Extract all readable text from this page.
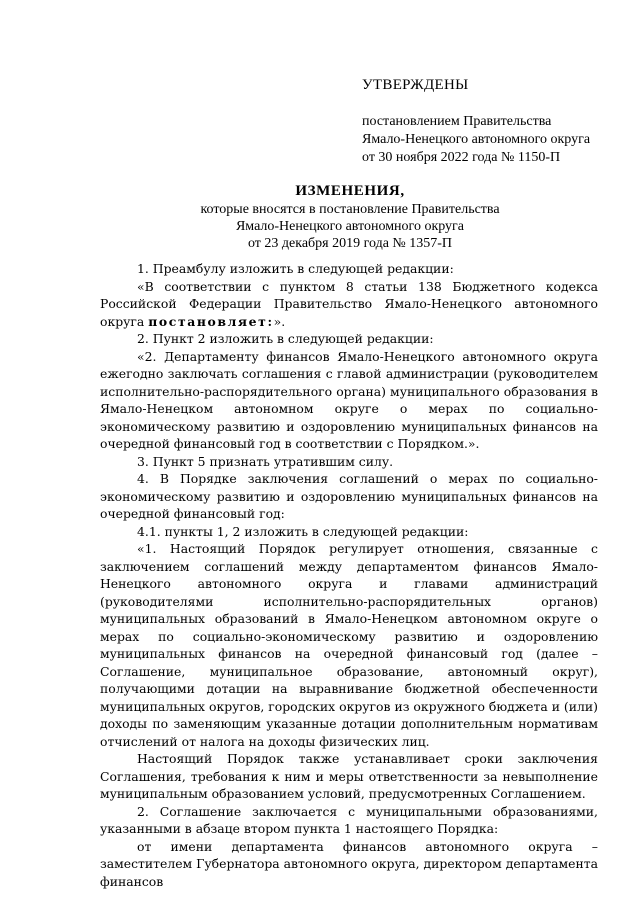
УТВЕРЖДЕНЫ
постановлением Правительства
Ямало-Ненецкого автономного округа
от 30 ноября 2022 года № 1150-П
ИЗМЕНЕНИЯ,
которые вносятся в постановление Правительства
Ямало-Ненецкого автономного округа
от 23 декабря 2019 года № 1357-П

1. Преамбулу изложить в следующей редакции:

«В соответствии с пунктом 8 статьи 138 Бюджетного кодекса Российской Федерации Правительство Ямало-Ненецкого автономного округа постановляет:».

2. Пункт 2 изложить в следующей редакции:

«2. Департаменту финансов Ямало-Ненецкого автономного округа ежегодно заключать соглашения с главой администрации (руководителем исполнительно-распорядительного органа) муниципального образования в Ямало-Ненецком автономном округе о мерах по социально-экономическому развитию и оздоровлению муниципальных финансов на очередной финансовый год в соответствии с Порядком.».

3. Пункт 5 признать утратившим силу.

4. В Порядке заключения соглашений о мерах по социально-экономическому развитию и оздоровлению муниципальных финансов на очередной финансовый год:

4.1. пункты 1, 2 изложить в следующей редакции:

«1. Настоящий Порядок регулирует отношения, связанные с заключением соглашений между департаментом финансов Ямало-Ненецкого автономного округа и главами администраций (руководителями исполнительно-распорядительных органов) муниципальных образований в Ямало-Ненецком автономном округе о мерах по социально-экономическому развитию и оздоровлению муниципальных финансов на очередной финансовый год (далее – Соглашение, муниципальное образование, автономный округ), получающими дотации на выравнивание бюджетной обеспеченности муниципальных округов, городских округов из окружного бюджета и (или) доходы по заменяющим указанные дотации дополнительным нормативам отчислений от налога на доходы физических лиц.

Настоящий Порядок также устанавливает сроки заключения Соглашения, требования к ним и меры ответственности за невыполнение муниципальным образованием условий, предусмотренных Соглашением.

2. Соглашение заключается с муниципальными образованиями, указанными в абзаце втором пункта 1 настоящего Порядка:

от имени департамента финансов автономного округа – заместителем Губернатора автономного округа, директором департамента финансов
